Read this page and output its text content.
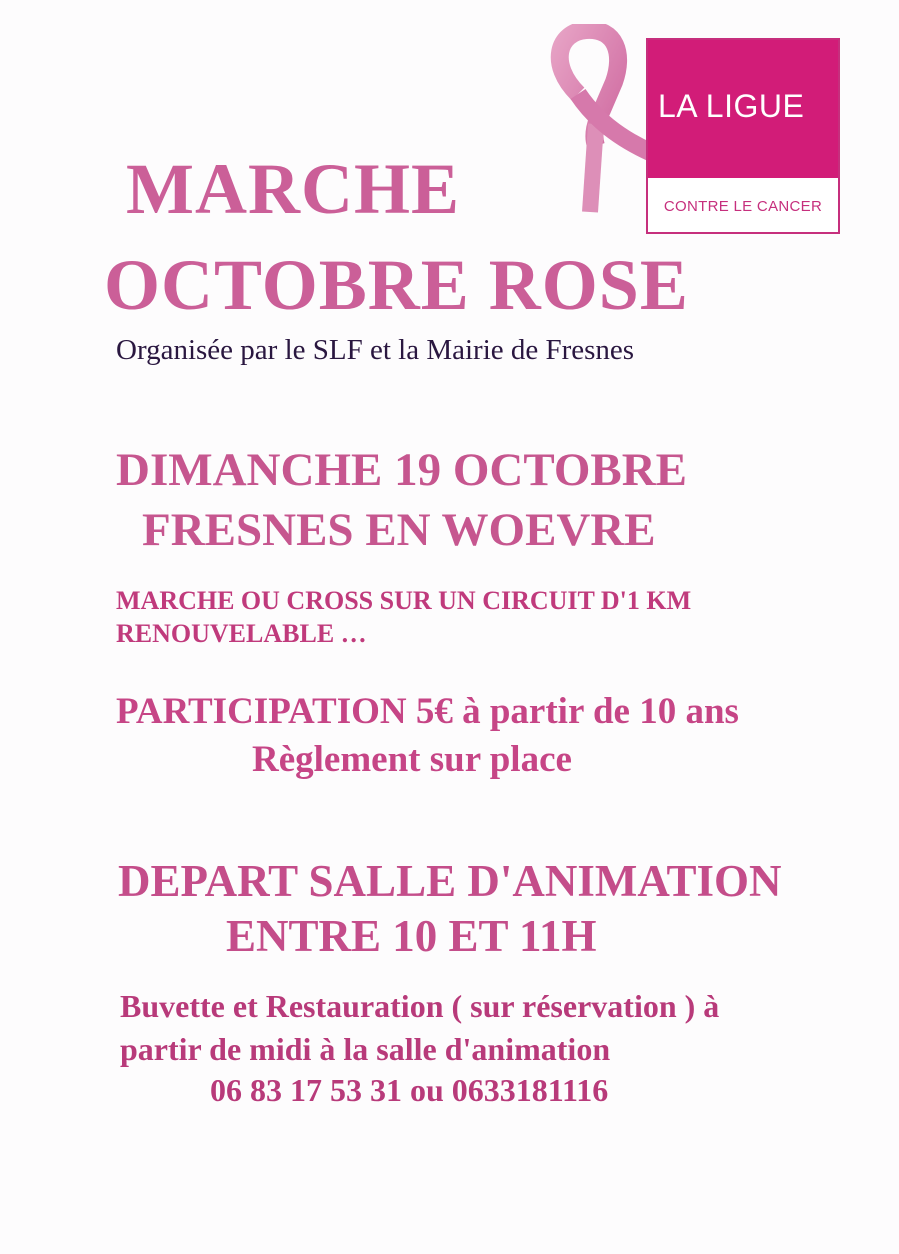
LA LIGUE
CONTRE LE CANCER
MARCHE
OCTOBRE ROSE
Organisée par le SLF et la Mairie de Fresnes
DIMANCHE 19 OCTOBRE
FRESNES EN WOEVRE
MARCHE OU CROSS SUR UN CIRCUIT D'1 KM
RENOUVELABLE …
PARTICIPATION 5€ à partir de 10 ans
Règlement sur place
DEPART SALLE D'ANIMATION
ENTRE 10 ET 11H
Buvette et Restauration ( sur réservation ) à
partir de midi à la salle d'animation
06 83 17 53 31 ou 0633181116
